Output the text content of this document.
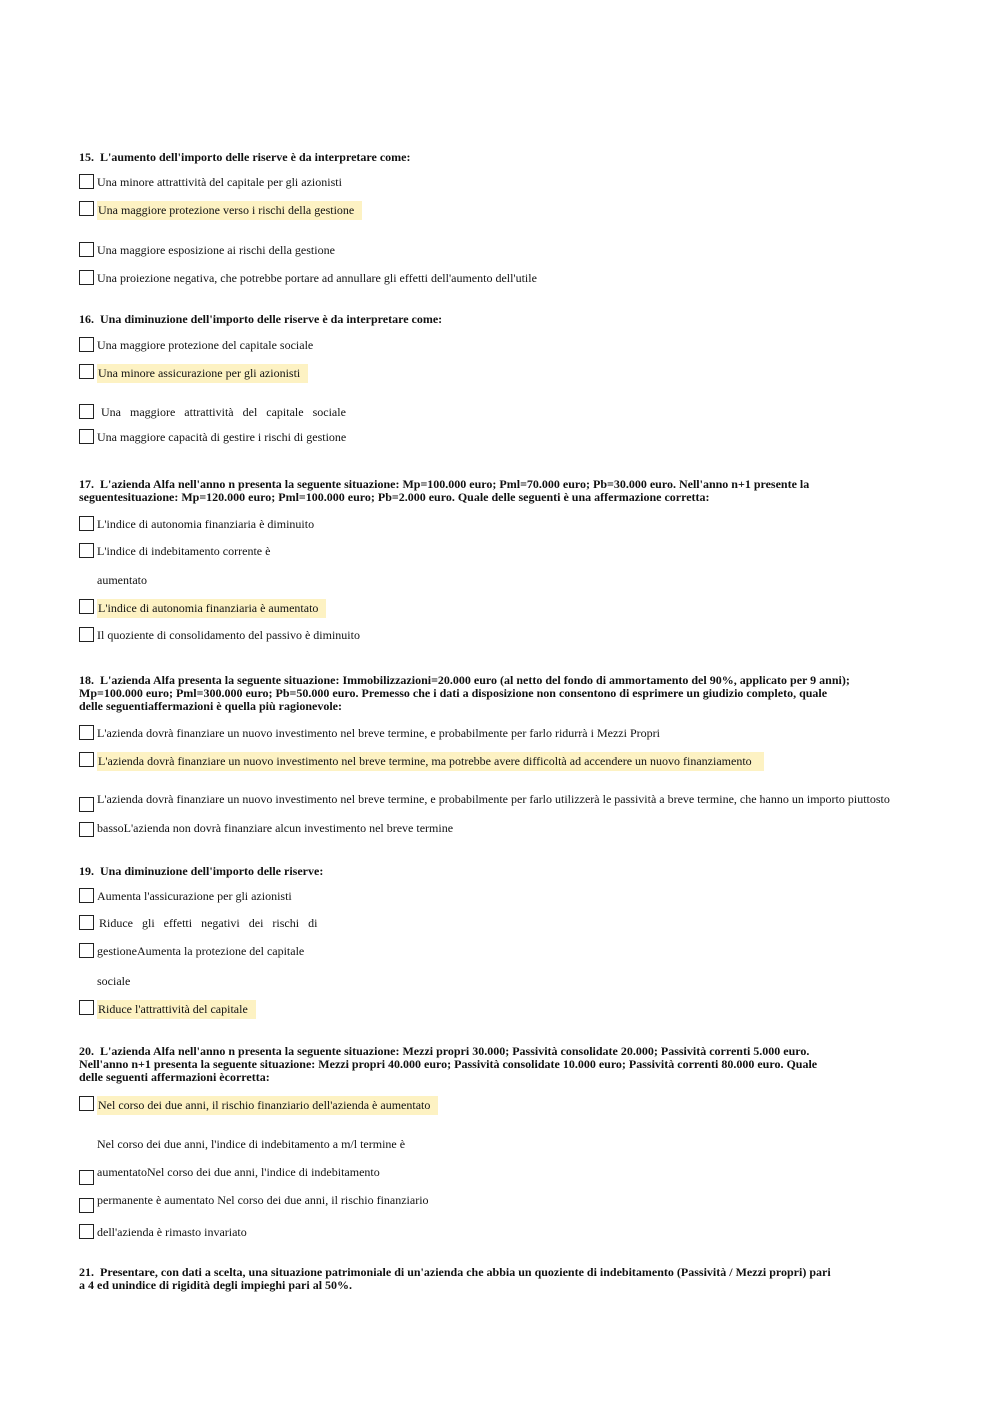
15. L'aumento dell'importo delle riserve è da interpretare come:
Una minore attrattività del capitale per gli azionisti
Una maggiore protezione verso i rischi della gestione
Una maggiore esposizione ai rischi della gestione
Una proiezione negativa, che potrebbe portare ad annullare gli effetti dell'aumento dell'utile
16. Una diminuzione dell'importo delle riserve è da interpretare come:
Una maggiore protezione del capitale sociale
Una minore assicurazione per gli azionisti
Una maggiore attrattività del capitale sociale
Una maggiore capacità di gestire i rischi di gestione
17. L'azienda Alfa nell'anno n presenta la seguente situazione: Mp=100.000 euro; Pml=70.000 euro; Pb=30.000 euro. Nell'anno n+1 presente la
seguentesituazione: Mp=120.000 euro; Pml=100.000 euro; Pb=2.000 euro. Quale delle seguenti è una affermazione corretta:
L'indice di autonomia finanziaria è diminuito
L'indice di indebitamento corrente è
aumentato
L'indice di autonomia finanziaria è aumentato
Il quoziente di consolidamento del passivo è diminuito
18. L'azienda Alfa presenta la seguente situazione: Immobilizzazioni=20.000 euro (al netto del fondo di ammortamento del 90%, applicato per 9 anni);
Mp=100.000 euro; Pml=300.000 euro; Pb=50.000 euro. Premesso che i dati a disposizione non consentono di esprimere un giudizio completo, quale
delle seguentiaffermazioni è quella più ragionevole:
L'azienda dovrà finanziare un nuovo investimento nel breve termine, e probabilmente per farlo ridurrà i Mezzi Propri
L'azienda dovrà finanziare un nuovo investimento nel breve termine, ma potrebbe avere difficoltà ad accendere un nuovo finanziamento
L'azienda dovrà finanziare un nuovo investimento nel breve termine, e probabilmente per farlo utilizzerà le passività a breve termine, che hanno un importo piuttosto
bassoL'azienda non dovrà finanziare alcun investimento nel breve termine
19. Una diminuzione dell'importo delle riserve:
Aumenta l'assicurazione per gli azionisti
Riduce gli effetti negativi dei rischi di
gestioneAumenta la protezione del capitale
sociale
Riduce l'attrattività del capitale
20. L'azienda Alfa nell'anno n presenta la seguente situazione: Mezzi propri 30.000; Passività consolidate 20.000; Passività correnti 5.000 euro.
Nell'anno n+1 presenta la seguente situazione: Mezzi propri 40.000 euro; Passività consolidate 10.000 euro; Passività correnti 80.000 euro. Quale
delle seguenti affermazioni ècorretta:
Nel corso dei due anni, il rischio finanziario dell'azienda è aumentato
Nel corso dei due anni, l'indice di indebitamento a m/l termine è
aumentatoNel corso dei due anni, l'indice di indebitamento
permanente è aumentato Nel corso dei due anni, il rischio finanziario
dell'azienda è rimasto invariato
21. Presentare, con dati a scelta, una situazione patrimoniale di un'azienda che abbia un quoziente di indebitamento (Passività / Mezzi propri) pari
a 4 ed unindice di rigidità degli impieghi pari al 50%.
